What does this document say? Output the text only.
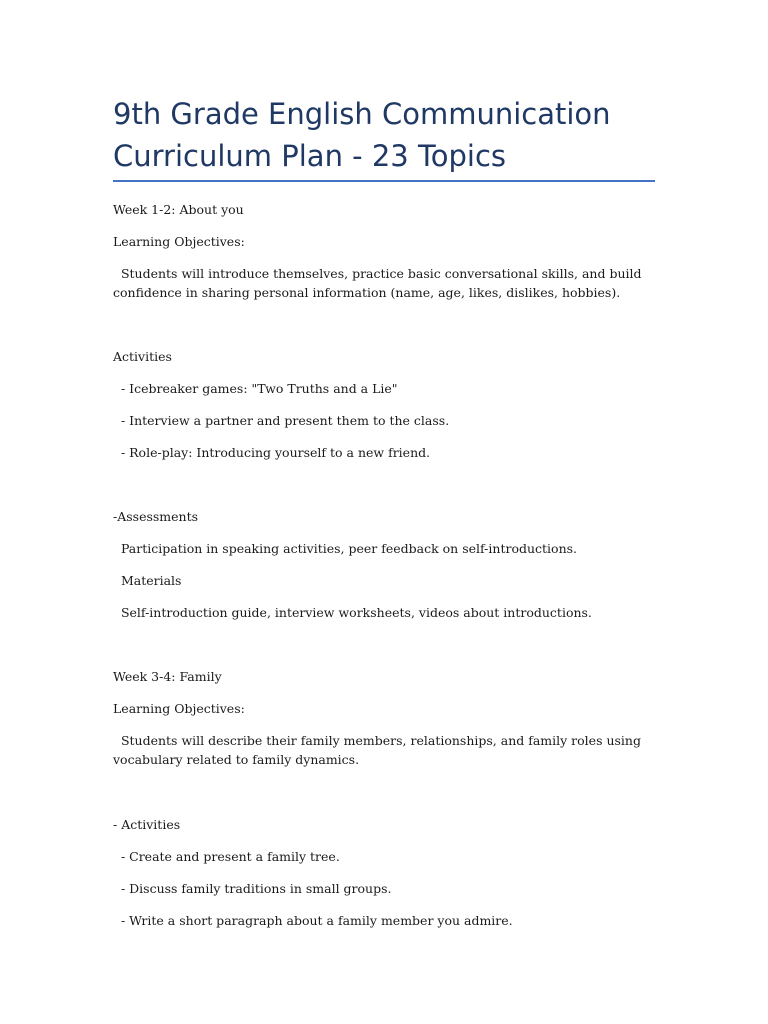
9th Grade English Communication
Curriculum Plan - 23 Topics

Week 1-2: About you

Learning Objectives:

Students will introduce themselves, practice basic conversational skills, and build

confidence in sharing personal information (name, age, likes, dislikes, hobbies).

Activities

- Icebreaker games: "Two Truths and a Lie"

- Interview a partner and present them to the class.

- Role-play: Introducing yourself to a new friend.

-Assessments

Participation in speaking activities, peer feedback on self-introductions.

Materials

Self-introduction guide, interview worksheets, videos about introductions.

Week 3-4: Family

Learning Objectives:

Students will describe their family members, relationships, and family roles using

vocabulary related to family dynamics.

- Activities

- Create and present a family tree.

- Discuss family traditions in small groups.

- Write a short paragraph about a family member you admire.
